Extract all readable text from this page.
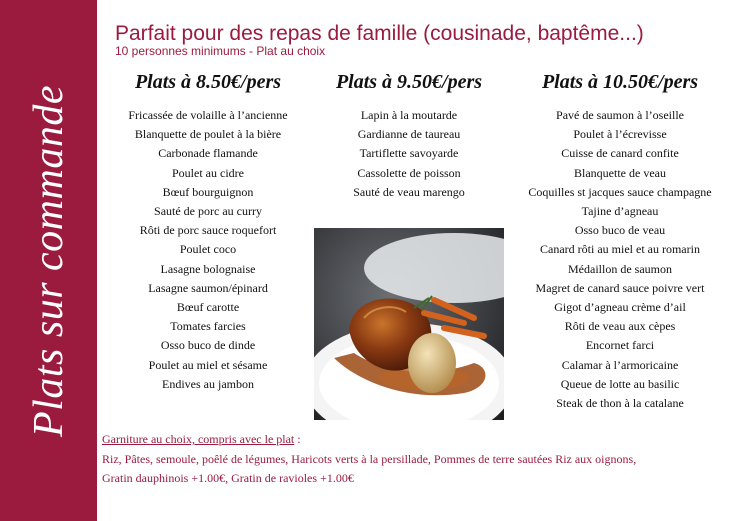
Plats sur commande
Parfait pour des repas de famille (cousinade, baptême...)
10 personnes minimums - Plat au choix
Plats à 8.50€/pers
Fricassée de volaille à l’ancienne
Blanquette de poulet à la bière
Carbonade flamande
Poulet au cidre
Bœuf bourguignon
Sauté de porc au curry
Rôti de porc sauce roquefort
Poulet coco
Lasagne bolognaise
Lasagne saumon/épinard
Bœuf carotte
Tomates farcies
Osso buco de dinde
Poulet au miel et sésame
Endives au jambon
Plats à 9.50€/pers
Lapin à la moutarde
Gardianne de taureau
Tartiflette savoyarde
Cassolette de poisson
Sauté de veau marengo
Plats à 10.50€/pers
Pavé de saumon à l’oseille
Poulet à l’écrevisse
Cuisse de canard confite
Blanquette de veau
Coquilles st jacques sauce champagne
Tajine d’agneau
Osso buco de veau
Canard rôti au miel et au romarin
Médaillon de saumon
Magret de canard sauce poivre vert
Gigot d’agneau crème d’ail
Rôti de veau aux cèpes
Encornet farci
Calamar à l’armoricaine
Queue de lotte au basilic
Steak de thon à la catalane
Garniture au choix, compris avec le plat :
Riz, Pâtes, semoule, poêlé de légumes, Haricots verts à la persillade, Pommes de terre sautées Riz aux oignons,
Gratin dauphinois +1.00€, Gratin de ravioles +1.00€
